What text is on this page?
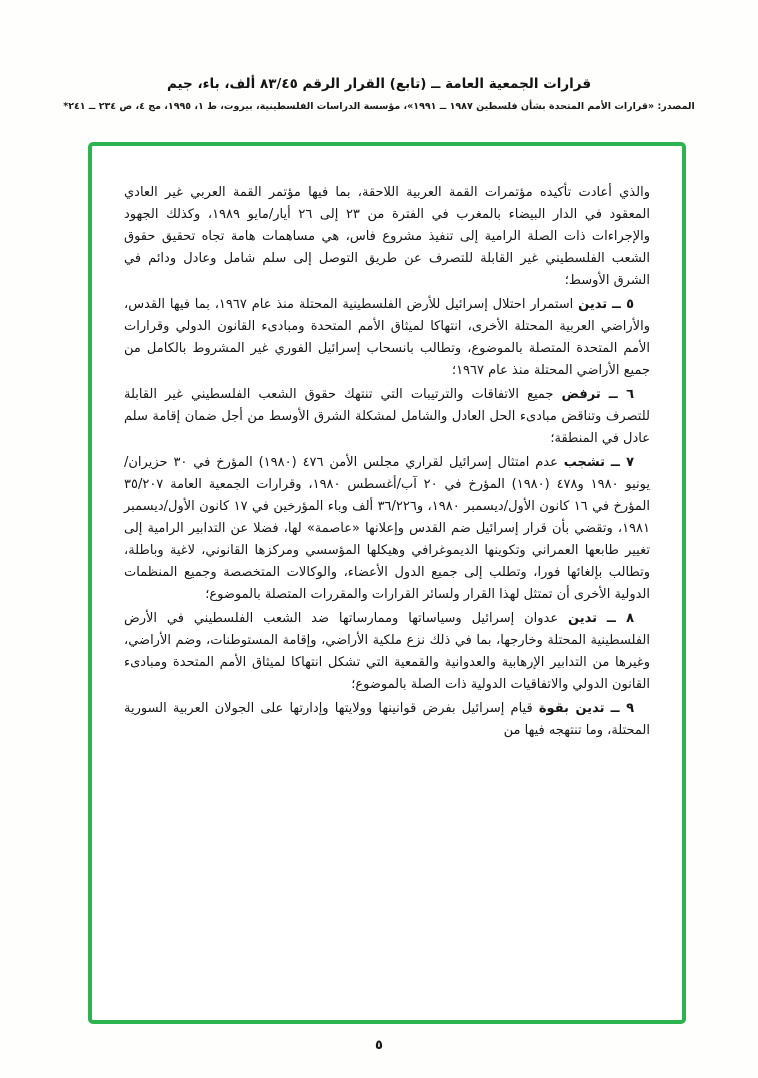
قرارات الجمعية العامة ــ (تابع) القرار الرقم ٨٣/٤٥ ألف، باء، جيم
المصدر: «قرارات الأمم المتحدة بشأن فلسطين ١٩٨٧ ــ ١٩٩١»، مؤسسة الدراسات الفلسطينية، بيروت، ط ١، ١٩٩٥، مج ٤، ص ٢٣٤ ــ ٢٤١*

والذي أعادت تأكيده مؤتمرات القمة العربية اللاحقة، بما فيها مؤتمر القمة العربي غير العادي المعقود في الدار البيضاء بالمغرب في الفترة من ٢٣ إلى ٢٦ أيار/مايو ١٩٨٩، وكذلك الجهود والإجراءات ذات الصلة الرامية إلى تنفيذ مشروع فاس، هي مساهمات هامة تجاه تحقيق حقوق الشعب الفلسطيني غير القابلة للتصرف عن طريق التوصل إلى سلم شامل وعادل ودائم في الشرق الأوسط؛

٥ ــ تدين استمرار احتلال إسرائيل للأرض الفلسطينية المحتلة منذ عام ١٩٦٧، بما فيها القدس، والأراضي العربية المحتلة الأخرى، انتهاكا لميثاق الأمم المتحدة ومبادىء القانون الدولي وقرارات الأمم المتحدة المتصلة بالموضوع، وتطالب بانسحاب إسرائيل الفوري غير المشروط بالكامل من جميع الأراضي المحتلة منذ عام ١٩٦٧؛

٦ ــ ترفض جميع الاتفاقات والترتيبات التي تنتهك حقوق الشعب الفلسطيني غير القابلة للتصرف وتناقض مبادىء الحل العادل والشامل لمشكلة الشرق الأوسط من أجل ضمان إقامة سلم عادل في المنطقة؛

٧ ــ تشجب عدم امتثال إسرائيل لقراري مجلس الأمن ٤٧٦ (١٩٨٠) المؤرخ في ٣٠ حزيران/يونيو ١٩٨٠ و٤٧٨ (١٩٨٠) المؤرخ في ٢٠ آب/أغسطس ١٩٨٠، وقرارات الجمعية العامة ٣٥/٢٠٧ المؤرخ في ١٦ كانون الأول/ديسمبر ١٩٨٠، و٣٦/٢٢٦ ألف وباء المؤرخين في ١٧ كانون الأول/ديسمبر ١٩٨١، وتقضي بأن قرار إسرائيل ضم القدس وإعلانها «عاصمة» لها، فضلا عن التدابير الرامية إلى تغيير طابعها العمراني وتكوينها الديموغرافي وهيكلها المؤسسي ومركزها القانوني، لاغية وباطلة، وتطالب بإلغائها فورا، وتطلب إلى جميع الدول الأعضاء، والوكالات المتخصصة وجميع المنظمات الدولية الأخرى أن تمتثل لهذا القرار ولسائر القرارات والمقررات المتصلة بالموضوع؛

٨ ــ تدين عدوان إسرائيل وسياساتها وممارساتها ضد الشعب الفلسطيني في الأرض الفلسطينية المحتلة وخارجها، بما في ذلك نزع ملكية الأراضي، وإقامة المستوطنات، وضم الأراضي، وغيرها من التدابير الإرهابية والعدوانية والقمعية التي تشكل انتهاكا لميثاق الأمم المتحدة ومبادىء القانون الدولي والاتفاقيات الدولية ذات الصلة بالموضوع؛

٩ ــ تدين بقوة قيام إسرائيل بفرض قوانينها وولايتها وإدارتها على الجولان العربية السورية المحتلة، وما تنتهجه فيها من

٥
